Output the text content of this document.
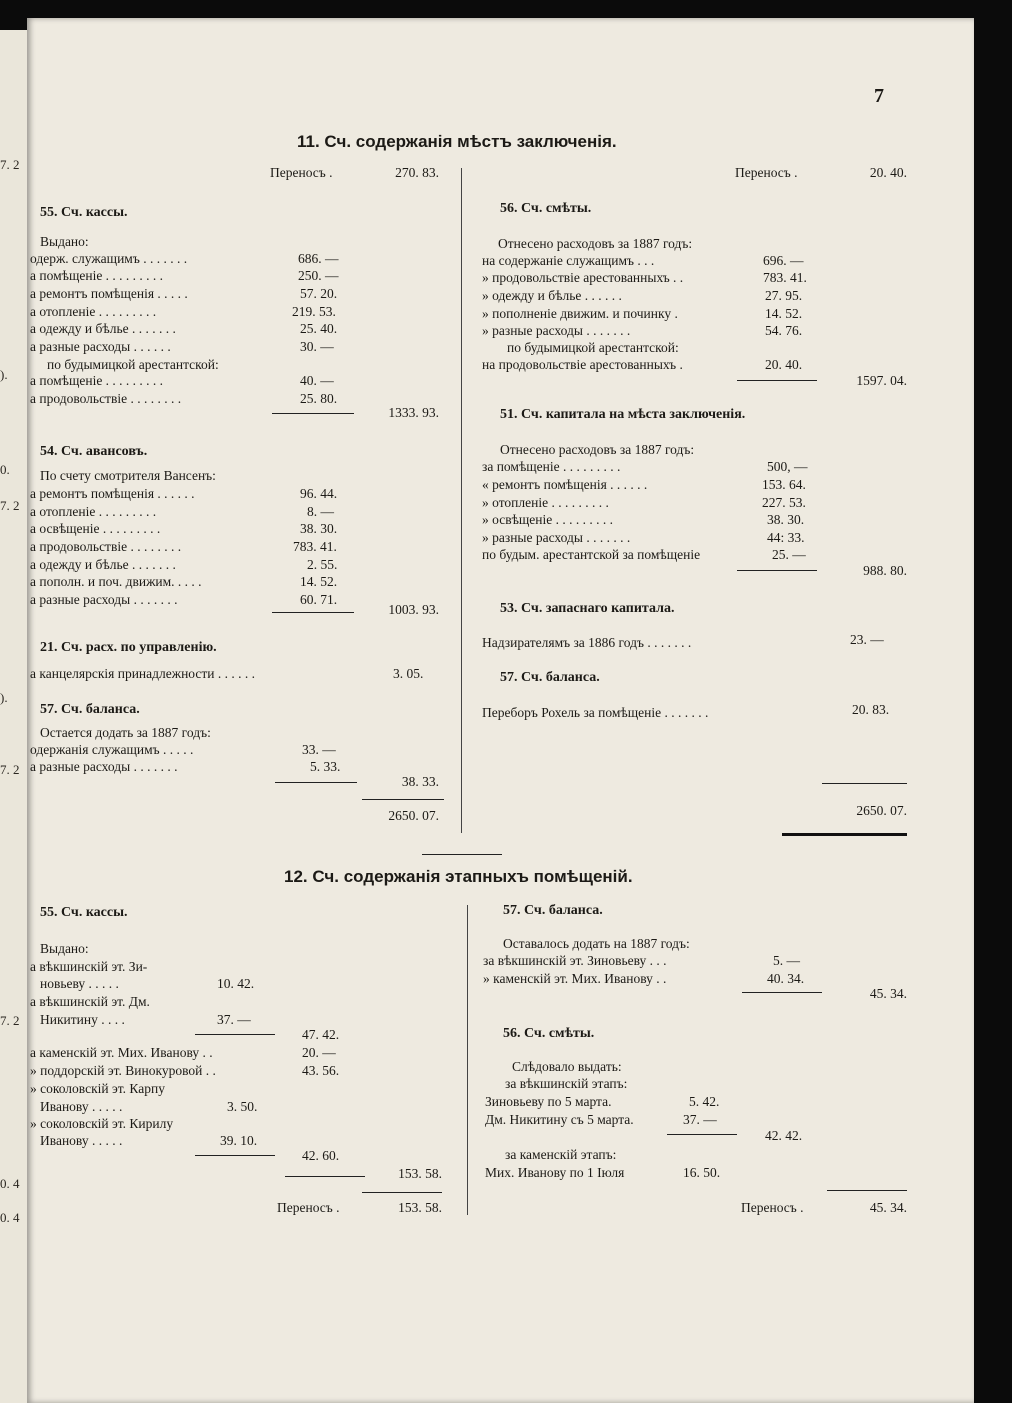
7. 2
).
0.
7. 2
).
7. 2
7. 2
0. 4
0. 4
7
11. Сч. содержанія мѣстъ заключенія.
Переносъ .	270. 83.
55. Сч. кассы.
Выдано:
одерж. служащимъ . . . . . . .	686. —
а помѣщеніе . . . . . . . . .	250. —
а ремонтъ помѣщенія . . . . .	57. 20.
а отопленіе . . . . . . . . .	219. 53.
а одежду и бѣлье . . . . . . .	25. 40.
а разные расходы . . . . . .	30. —
по будымицкой арестантской:
а помѣщеніе . . . . . . . . .	40. —
а продовольствіе . . . . . . . .	25. 80.
1333. 93.
54. Сч. авансовъ.
По счету смотрителя Вансенъ:
а ремонтъ помѣщенія . . . . . .	96. 44.
а отопленіе . . . . . . . . .	8. —
а освѣщеніе . . . . . . . . .	38. 30.
а продовольствіе . . . . . . . .	783. 41.
а одежду и бѣлье . . . . . . .	2. 55.
а пополн. и поч. движим. . . . .	14. 52.
а разные расходы . . . . . . .	60. 71.
1003. 93.
21. Сч. расх. по управленію.
а канцелярскія принадлежности . . . . . .	3. 05.
57. Сч. баланса.
Остается додать за 1887 годъ:
одержанія служащимъ . . . . .	33. —
а разные расходы . . . . . . .	5. 33.
38. 33.
2650. 07.
Переносъ .	20. 40.
56. Сч. смѣты.
Отнесено расходовъ за 1887 годъ:
на содержаніе служащимъ . . .	696. —
» продовольствіе арестованныхъ . .	783. 41.
» одежду и бѣлье . . . . . .	27. 95.
» пополненіе движим. и починку .	14. 52.
» разные расходы . . . . . . .	54. 76.
по будымицкой арестантской:
на продовольствіе арестованныхъ .	20. 40.
1597. 04.
51. Сч. капитала на мѣста заключенія.
Отнесено расходовъ за 1887 годъ:
за помѣщеніе . . . . . . . . .	500, —
« ремонтъ помѣщенія . . . . . .	153. 64.
» отопленіе . . . . . . . . .	227. 53.
» освѣщеніе . . . . . . . . .	38. 30.
» разные расходы . . . . . . .	44: 33.
по будым. арестантской за помѣщеніе	25. —
988. 80.
53. Сч. запаснаго капитала.
Надзирателямъ за 1886 годъ . . . . . . .	23. —
57. Сч. баланса.
Переборъ Рохель за помѣщеніе . . . . . . .	20. 83.
2650. 07.
12. Сч. содержанія этапныхъ помѣщеній.
55. Сч. кассы.
Выдано:
а вѣкшинскій эт. Зи-
новьеву . . . . .	10. 42.
а вѣкшинскій эт. Дм.
Никитину . . . .	37. —
47. 42.
а каменскій эт. Мих. Иванову . .	20. —
» поддорскій эт. Винокуровой . .	43. 56.
» соколовскій эт. Карпу
Иванову . . . . .	3. 50.
» соколовскій эт. Кирилу
Иванову . . . . .	39. 10.
42. 60.
153. 58.
Переносъ .	153. 58.
57. Сч. баланса.
Оставалось додать на 1887 годъ:
за вѣкшинскій эт. Зиновьеву . . .	5. —
» каменскій эт. Мих. Иванову . .	40. 34.
45. 34.
56. Сч. смѣты.
Слѣдовало выдать:
за вѣкшинскій этапъ:
Зиновьеву по 5 марта.	5. 42.
Дм. Никитину съ 5 марта.	37. —
42. 42.
за каменскій этапъ:
Мих. Иванову по 1 Іюля	16. 50.
Переносъ .	45. 34.
